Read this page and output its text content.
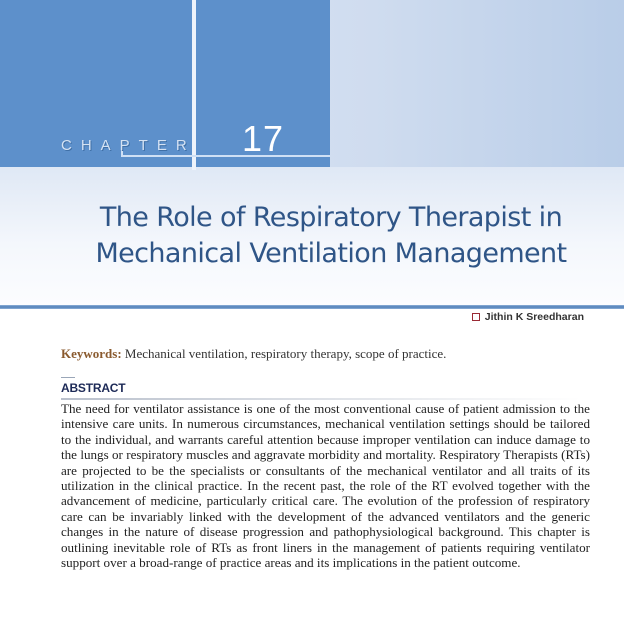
CHAPTER 17
The Role of Respiratory Therapist in
Mechanical Ventilation Management
Jithin K Sreedharan

Keywords: Mechanical ventilation, respiratory therapy, scope of practice.

ABSTRACT

The need for ventilator assistance is one of the most conventional cause of patient admission to the intensive care units. In numerous circumstances, mechanical ventilation settings should be tailored to the individual, and warrants careful attention because improper ventilation can induce damage to the lungs or respiratory muscles and aggravate morbidity and mortality. Respiratory Therapists (RTs) are projected to be the specialists or consultants of the mechanical ventilator and all traits of its utilization in the clinical practice. In the recent past, the role of the RT evolved together with the advancement of medicine, particularly critical care. The evolution of the profession of respiratory care can be invariably linked with the development of the advanced ventilators and the generic changes in the nature of disease progression and pathophysiological background. This chapter is outlining inevitable role of RTs as front liners in the management of patients requiring ventilator support over a broad-range of practice areas and its implications in the patient outcome.
